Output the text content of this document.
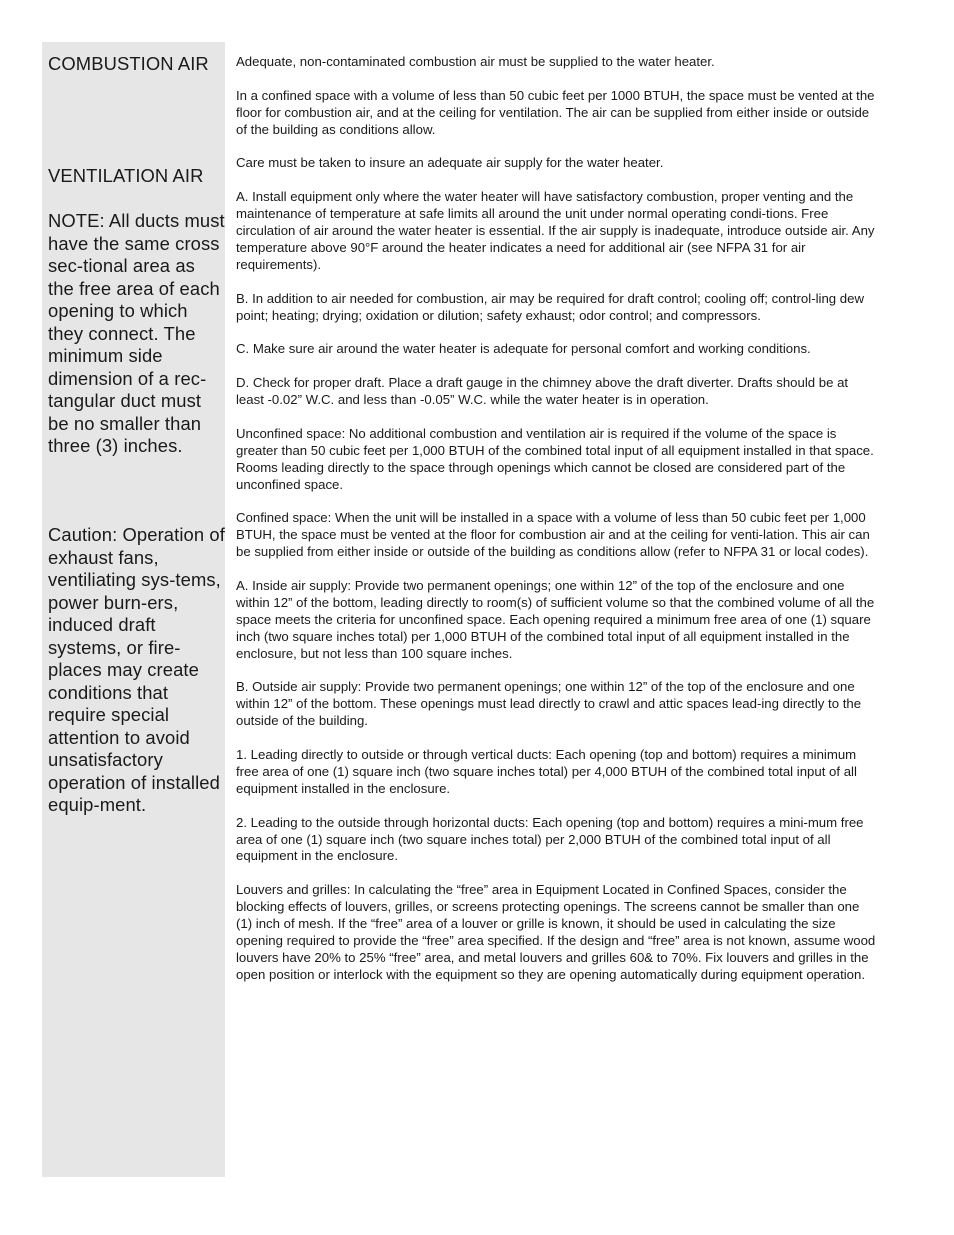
COMBUSTION AIR
VENTILATION AIR

NOTE: All ducts must have the same cross sec-tional area as the free area of each opening to which they connect. The minimum side dimension of a rec-tangular duct must be no smaller than three (3) inches.

Caution: Operation of exhaust fans, ventiliating sys-tems, power burn-ers, induced draft systems, or fire-places may create conditions that require special attention to avoid unsatisfactory operation of installed equip-ment.

Adequate, non-contaminated combustion air must be supplied to the water heater.

In a confined space with a volume of less than 50 cubic feet per 1000 BTUH, the space must be vented at the floor for combustion air, and at the ceiling for ventilation. The air can be supplied from either inside or outside of the building as conditions allow.

Care must be taken to insure an adequate air supply for the water heater.

A. Install equipment only where the water heater will have satisfactory combustion, proper venting and the maintenance of temperature at safe limits all around the unit under normal operating condi-tions. Free circulation of air around the water heater is essential. If the air supply is inadequate, introduce outside air. Any temperature above 90°F around the heater indicates a need for additional air (see NFPA 31 for air requirements).

B. In addition to air needed for combustion, air may be required for draft control; cooling off; control-ling dew point; heating; drying; oxidation or dilution; safety exhaust; odor control; and compressors.

C. Make sure air around the water heater is adequate for personal comfort and working conditions.

D. Check for proper draft. Place a draft gauge in the chimney above the draft diverter. Drafts should be at least -0.02” W.C. and less than -0.05” W.C. while the water heater is in operation.

Unconfined space: No additional combustion and ventilation air is required if the volume of the space is greater than 50 cubic feet per 1,000 BTUH of the combined total input of all equipment installed in that space. Rooms leading directly to the space through openings which cannot be closed are considered part of the unconfined space.

Confined space: When the unit will be installed in a space with a volume of less than 50 cubic feet per 1,000 BTUH, the space must be vented at the floor for combustion air and at the ceiling for venti-lation. This air can be supplied from either inside or outside of the building as conditions allow (refer to NFPA 31 or local codes).

A. Inside air supply: Provide two permanent openings; one within 12” of the top of the enclosure and one within 12” of the bottom, leading directly to room(s) of sufficient volume so that the combined volume of all the space meets the criteria for unconfined space. Each opening required a minimum free area of one (1) square inch (two square inches total) per 1,000 BTUH of the combined total input of all equipment installed in the enclosure, but not less than 100 square inches.

B. Outside air supply: Provide two permanent openings; one within 12” of the top of the enclosure and one within 12” of the bottom. These openings must lead directly to crawl and attic spaces lead-ing directly to the outside of the building.

1. Leading directly to outside or through vertical ducts: Each opening (top and bottom) requires a minimum free area of one (1) square inch (two square inches total) per 4,000 BTUH of the combined total input of all equipment installed in the enclosure.

2. Leading to the outside through horizontal ducts: Each opening (top and bottom) requires a mini-mum free area of one (1) square inch (two square inches total) per 2,000 BTUH of the combined total input of all equipment in the enclosure.

Louvers and grilles: In calculating the “free” area in Equipment Located in Confined Spaces, consider the blocking effects of louvers, grilles, or screens protecting openings. The screens cannot be smaller than one (1) inch of mesh. If the “free” area of a louver or grille is known, it should be used in calculating the size opening required to provide the “free” area specified. If the design and “free” area is not known, assume wood louvers have 20% to 25% “free” area, and metal louvers and grilles 60& to 70%. Fix louvers and grilles in the open position or interlock with the equipment so they are opening automatically during equipment operation.
